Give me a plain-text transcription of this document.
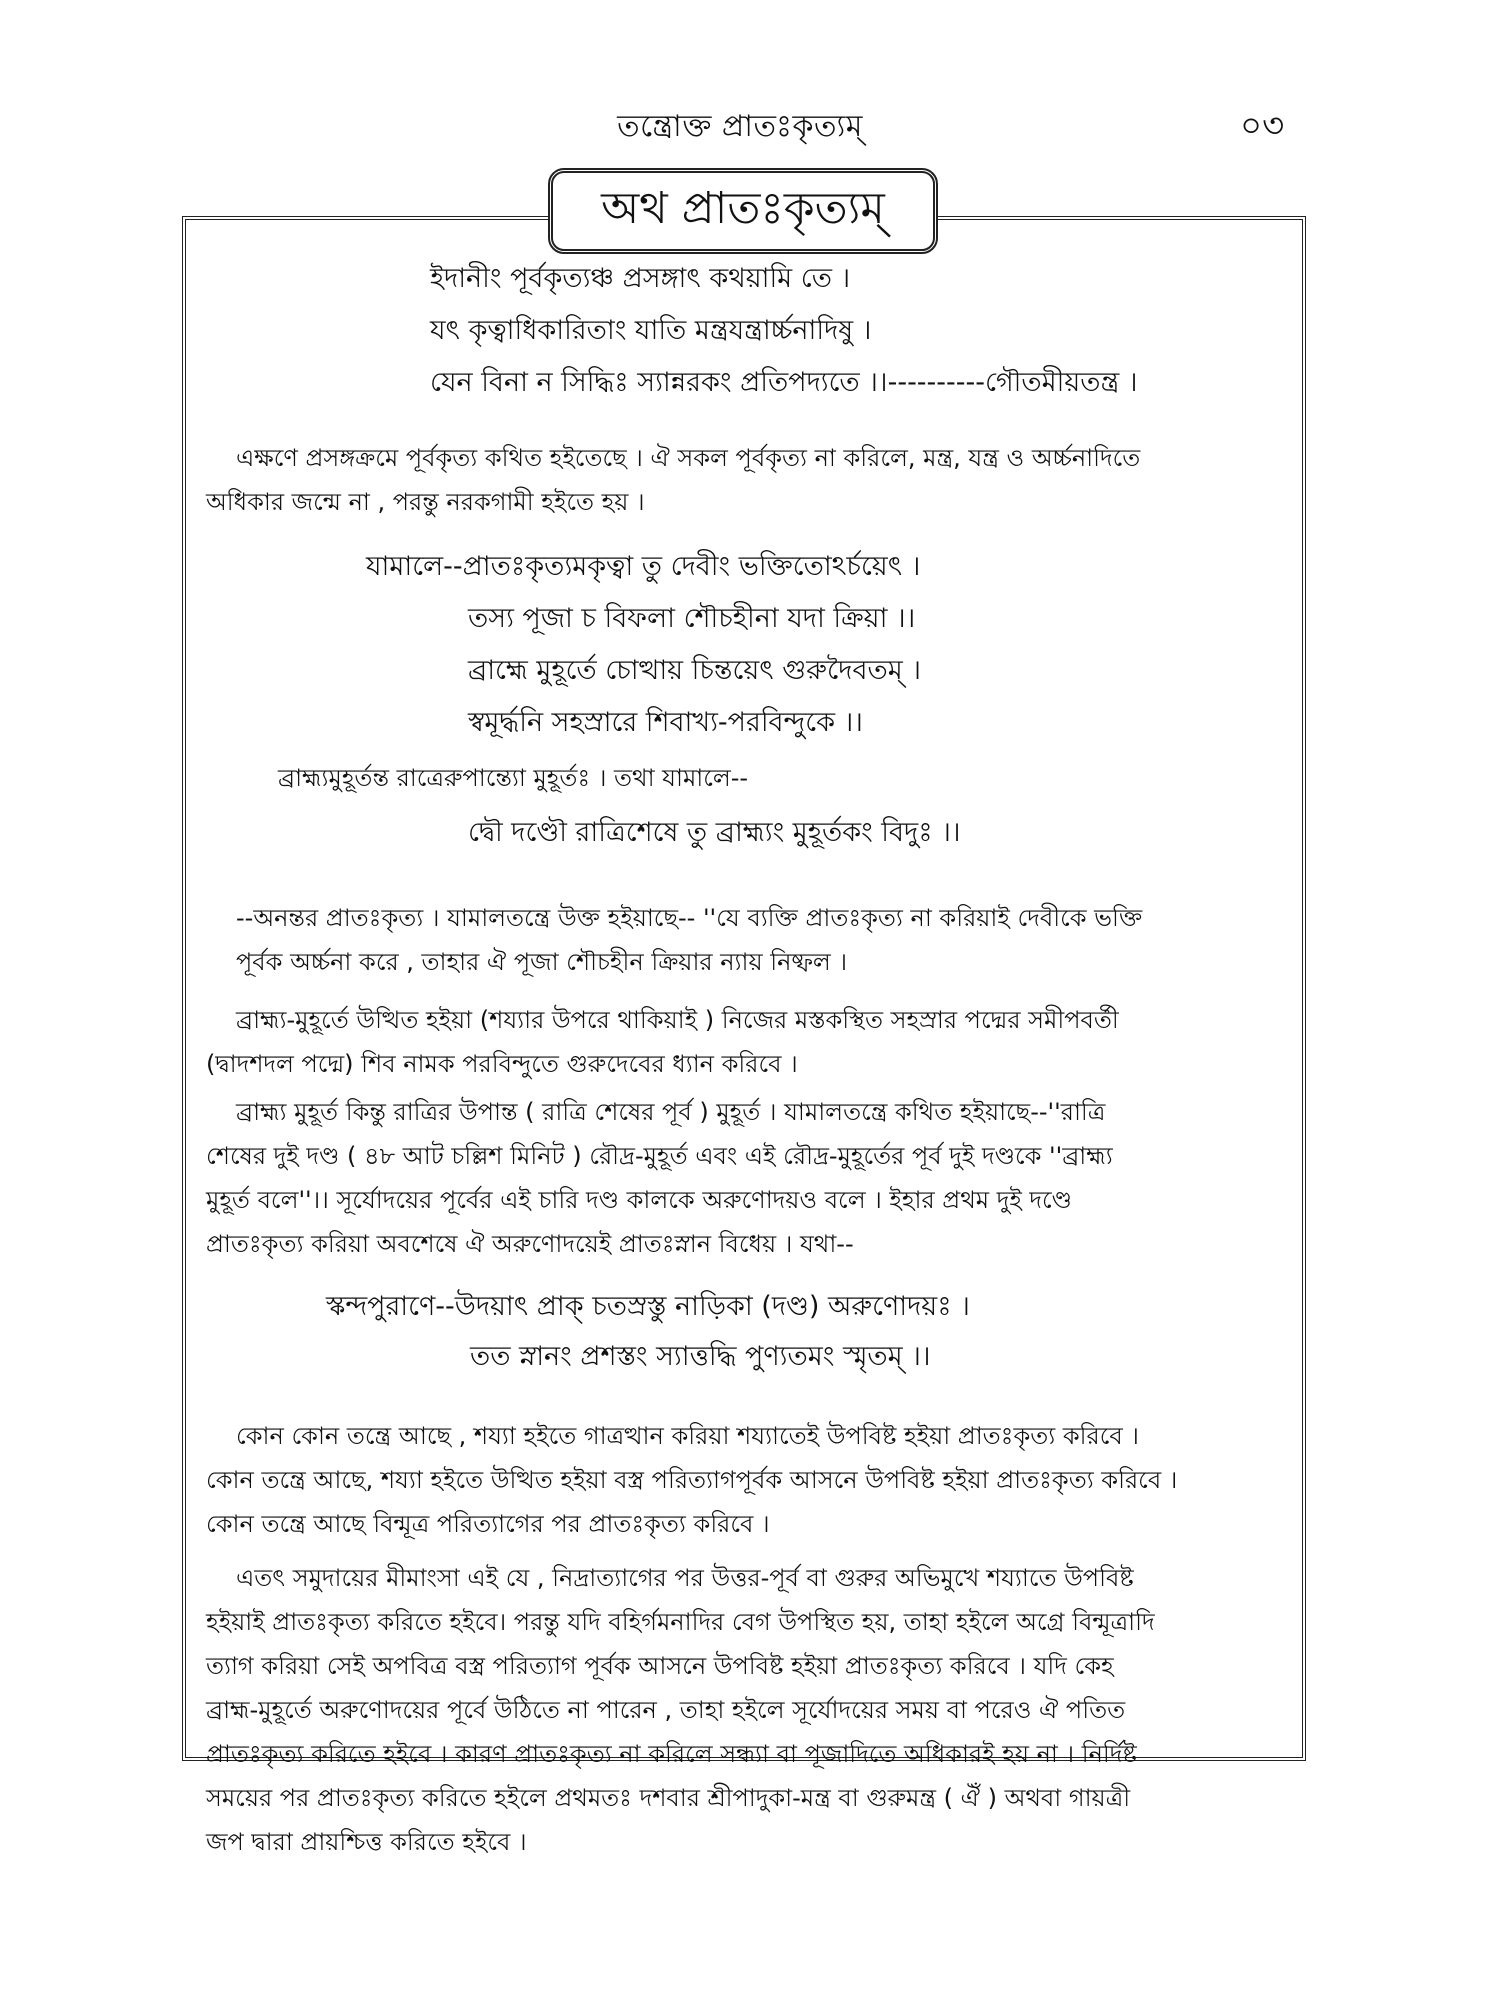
তন্ত্রোক্ত প্রাতঃকৃত্যম্	০৩
অথ প্রাতঃকৃত্যম্
ইদানীং পূর্বকৃত্যঞ্চ প্রসঙ্গাৎ কথয়ামি তে ।
যৎ কৃত্বাধিকারিতাং যাতি মন্ত্রযন্ত্রার্চ্চনাদিষু ।
যেন বিনা ন সিদ্ধিঃ স্যান্নরকং প্রতিপদ্যতে ।।----------গৌতমীয়তন্ত্র ।
এক্ষণে প্রসঙ্গক্রমে পূর্বকৃত্য কথিত হইতেছে । ঐ সকল পূর্বকৃত্য না করিলে, মন্ত্র, যন্ত্র ও অর্চ্চনাদিতে
অধিকার জন্মে না , পরন্তু নরকগামী হইতে হয় ।
যামালে--প্রাতঃকৃত্যমকৃত্বা তু দেবীং ভক্তিতোঽর্চয়েৎ ।
তস্য পূজা চ বিফলা শৌচহীনা যদা ক্রিয়া ।।
ব্রাহ্মে মুহূর্তে চোত্থায় চিন্তয়েৎ গুরুদৈবতম্ ।
স্বমূর্দ্ধনি সহস্রারে শিবাখ্য-পরবিন্দুকে ।।
ব্রাহ্ম্যমুহূর্তন্ত রাত্রেরুপান্ত্যো মুহূর্তঃ । তথা যামালে--
দ্বৌ দণ্ডৌ রাত্রিশেষে তু ব্রাহ্ম্যং মুহূর্তকং বিদুঃ ।।
--অনন্তর প্রাতঃকৃত্য । যামালতন্ত্রে উক্ত হইয়াছে-- ''যে ব্যক্তি প্রাতঃকৃত্য না করিয়াই দেবীকে ভক্তি
পূর্বক অর্চ্চনা করে , তাহার ঐ পূজা শৌচহীন ক্রিয়ার ন্যায় নিষ্ফল ।
ব্রাহ্ম্য-মুহূর্তে উত্থিত হইয়া (শয্যার উপরে থাকিয়াই ) নিজের মস্তকস্থিত সহস্রার পদ্মের সমীপবর্তী
(দ্বাদশদল পদ্মে) শিব নামক পরবিন্দুতে গুরুদেবের ধ্যান করিবে ।
ব্রাহ্ম্য মুহূর্ত কিন্তু রাত্রির উপান্ত ( রাত্রি শেষের পূর্ব ) মুহূর্ত । যামালতন্ত্রে কথিত হইয়াছে--''রাত্রি
শেষের দুই দণ্ড ( ৪৮ আট চল্লিশ মিনিট ) রৌদ্র-মুহূর্ত এবং এই রৌদ্র-মুহূর্তের পূর্ব দুই দণ্ডকে ''ব্রাহ্ম্য
মুহূর্ত বলে''।। সূর্যোদয়ের পূর্বের এই চারি দণ্ড কালকে অরুণোদয়ও বলে । ইহার প্রথম দুই দণ্ডে
প্রাতঃকৃত্য করিয়া অবশেষে ঐ অরুণোদয়েই প্রাতঃস্নান বিধেয় । যথা--
স্কন্দপুরাণে--উদয়াৎ প্রাক্ চতস্রস্তু নাড়িকা (দণ্ড) অরুণোদয়ঃ ।
তত স্নানং প্রশস্তং স্যাত্তদ্ধি পুণ্যতমং স্মৃতম্ ।।
কোন কোন তন্ত্রে আছে , শয্যা হইতে গাত্রত্থান করিয়া শয্যাতেই উপবিষ্ট হইয়া প্রাতঃকৃত্য করিবে ।
কোন তন্ত্রে আছে, শয্যা হইতে উত্থিত হইয়া বস্ত্র পরিত্যাগপূর্বক আসনে উপবিষ্ট হইয়া প্রাতঃকৃত্য করিবে ।
কোন তন্ত্রে আছে বিন্মূত্র পরিত্যাগের পর প্রাতঃকৃত্য করিবে ।
এতৎ সমুদায়ের মীমাংসা এই যে , নিদ্রাত্যাগের পর উত্তর-পূর্ব বা গুরুর অভিমুখে শয্যাতে উপবিষ্ট
হইয়াই প্রাতঃকৃত্য করিতে হইবে। পরন্তু যদি বহির্গমনাদির বেগ উপস্থিত হয়, তাহা হইলে অগ্রে বিন্মূত্রাদি
ত্যাগ করিয়া সেই অপবিত্র বস্ত্র পরিত্যাগ পূর্বক আসনে উপবিষ্ট হইয়া প্রাতঃকৃত্য করিবে । যদি কেহ
ব্রাহ্ম-মুহূর্তে অরুণোদয়ের পূর্বে উঠিতে না পারেন , তাহা হইলে সূর্যোদয়ের সময় বা পরেও ঐ পতিত
প্রাতঃকৃত্য করিতে হইবে । কারণ প্রাতঃকৃত্য না করিলে সন্ধ্যা বা পূজাদিতে অধিকারই হয় না । নির্দিষ্ট
সময়ের পর প্রাতঃকৃত্য করিতে হইলে প্রথমতঃ দশবার শ্রীপাদুকা-মন্ত্র বা গুরুমন্ত্র ( ঐঁ ) অথবা গায়ত্রী
জপ দ্বারা প্রায়শ্চিত্ত করিতে হইবে ।
